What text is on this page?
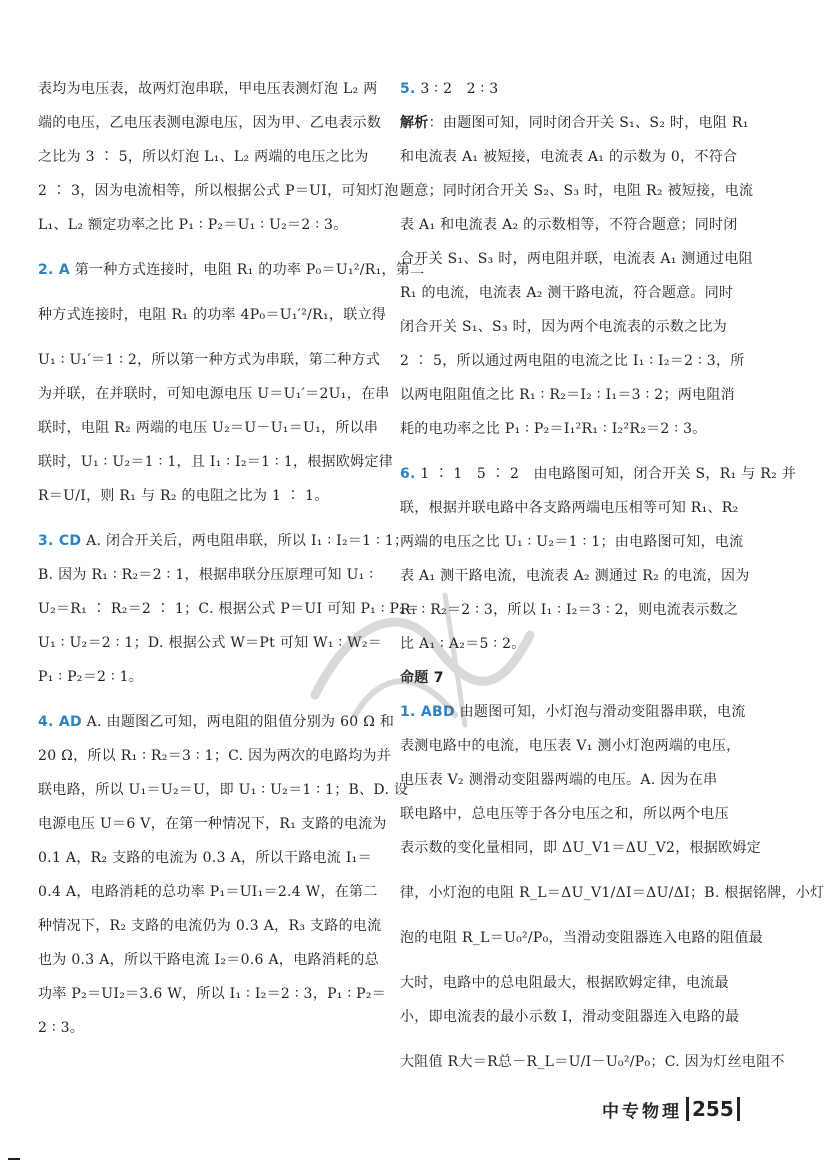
表均为电压表，故两灯泡串联，甲电压表测灯泡 L₂ 两
端的电压，乙电压表测电源电压，因为甲、乙电表示数
之比为 3 ∶ 5，所以灯泡 L₁、L₂ 两端的电压之比为
2 ∶ 3，因为电流相等，所以根据公式 P＝UI，可知灯泡
L₁、L₂ 额定功率之比 P₁ ∶ P₂＝U₁ ∶ U₂＝2 ∶ 3。
2. A 第一种方式连接时，电阻 R₁ 的功率 P₀＝U₁²/R₁，第二
种方式连接时，电阻 R₁ 的功率 4P₀＝U₁′²/R₁，联立得
U₁ ∶ U₁′＝1 ∶ 2，所以第一种方式为串联，第二种方式
为并联，在并联时，可知电源电压 U＝U₁′＝2U₁，在串
联时，电阻 R₂ 两端的电压 U₂＝U－U₁＝U₁，所以串
联时，U₁ ∶ U₂＝1 ∶ 1，且 I₁ ∶ I₂＝1 ∶ 1，根据欧姆定律
R＝U/I，则 R₁ 与 R₂ 的电阻之比为 1 ∶ 1。
3. CD A. 闭合开关后，两电阻串联，所以 I₁ ∶ I₂＝1 ∶ 1；
B. 因为 R₁ ∶ R₂＝2 ∶ 1，根据串联分压原理可知 U₁ ∶
U₂＝R₁ ∶ R₂＝2 ∶ 1；C. 根据公式 P＝UI 可知 P₁ ∶ P₂＝
U₁ ∶ U₂＝2 ∶ 1；D. 根据公式 W＝Pt 可知 W₁ ∶ W₂＝
P₁ ∶ P₂＝2 ∶ 1。
4. AD A. 由题图乙可知，两电阻的阻值分别为 60 Ω 和
20 Ω，所以 R₁ ∶ R₂＝3 ∶ 1；C. 因为两次的电路均为并
联电路，所以 U₁＝U₂＝U，即 U₁ ∶ U₂＝1 ∶ 1；B、D. 设
电源电压 U＝6 V，在第一种情况下，R₁ 支路的电流为
0.1 A，R₂ 支路的电流为 0.3 A，所以干路电流 I₁＝
0.4 A，电路消耗的总功率 P₁＝UI₁＝2.4 W，在第二
种情况下，R₂ 支路的电流仍为 0.3 A，R₃ 支路的电流
也为 0.3 A，所以干路电流 I₂＝0.6 A，电路消耗的总
功率 P₂＝UI₂＝3.6 W，所以 I₁ ∶ I₂＝2 ∶ 3，P₁ ∶ P₂＝
2 ∶ 3。
5. 3 ∶ 2　2 ∶ 3
解析：由题图可知，同时闭合开关 S₁、S₂ 时，电阻 R₁
和电流表 A₁ 被短接，电流表 A₁ 的示数为 0，不符合
题意；同时闭合开关 S₂、S₃ 时，电阻 R₂ 被短接，电流
表 A₁ 和电流表 A₂ 的示数相等，不符合题意；同时闭
合开关 S₁、S₃ 时，两电阻并联，电流表 A₁ 测通过电阻
R₁ 的电流，电流表 A₂ 测干路电流，符合题意。同时
闭合开关 S₁、S₃ 时，因为两个电流表的示数之比为
2 ∶ 5，所以通过两电阻的电流之比 I₁ ∶ I₂＝2 ∶ 3，所
以两电阻阻值之比 R₁ ∶ R₂＝I₂ ∶ I₁＝3 ∶ 2；两电阻消
耗的电功率之比 P₁ ∶ P₂＝I₁²R₁ ∶ I₂²R₂＝2 ∶ 3。
6. 1 ∶ 1　5 ∶ 2　由电路图可知，闭合开关 S，R₁ 与 R₂ 并
联，根据并联电路中各支路两端电压相等可知 R₁、R₂
两端的电压之比 U₁ ∶ U₂＝1 ∶ 1；由电路图可知，电流
表 A₁ 测干路电流，电流表 A₂ 测通过 R₂ 的电流，因为
R₁ ∶ R₂＝2 ∶ 3，所以 I₁ ∶ I₂＝3 ∶ 2，则电流表示数之
比 A₁ ∶ A₂＝5 ∶ 2。
命题 7
1. ABD 由题图可知，小灯泡与滑动变阻器串联，电流
表测电路中的电流，电压表 V₁ 测小灯泡两端的电压，
电压表 V₂ 测滑动变阻器两端的电压。A. 因为在串
联电路中，总电压等于各分电压之和，所以两个电压
表示数的变化量相同，即 ΔU_V1＝ΔU_V2，根据欧姆定
律，小灯泡的电阻 R_L＝ΔU_V1/ΔI＝ΔU/ΔI；B. 根据铭牌，小灯
泡的电阻 R_L＝U₀²/P₀，当滑动变阻器连入电路的阻值最
大时，电路中的总电阻最大，根据欧姆定律，电流最
小，即电流表的最小示数 I，滑动变阻器连入电路的最
大阻值 R大＝R总－R_L＝U/I－U₀²/P₀；C. 因为灯丝电阻不
中专物理 255
